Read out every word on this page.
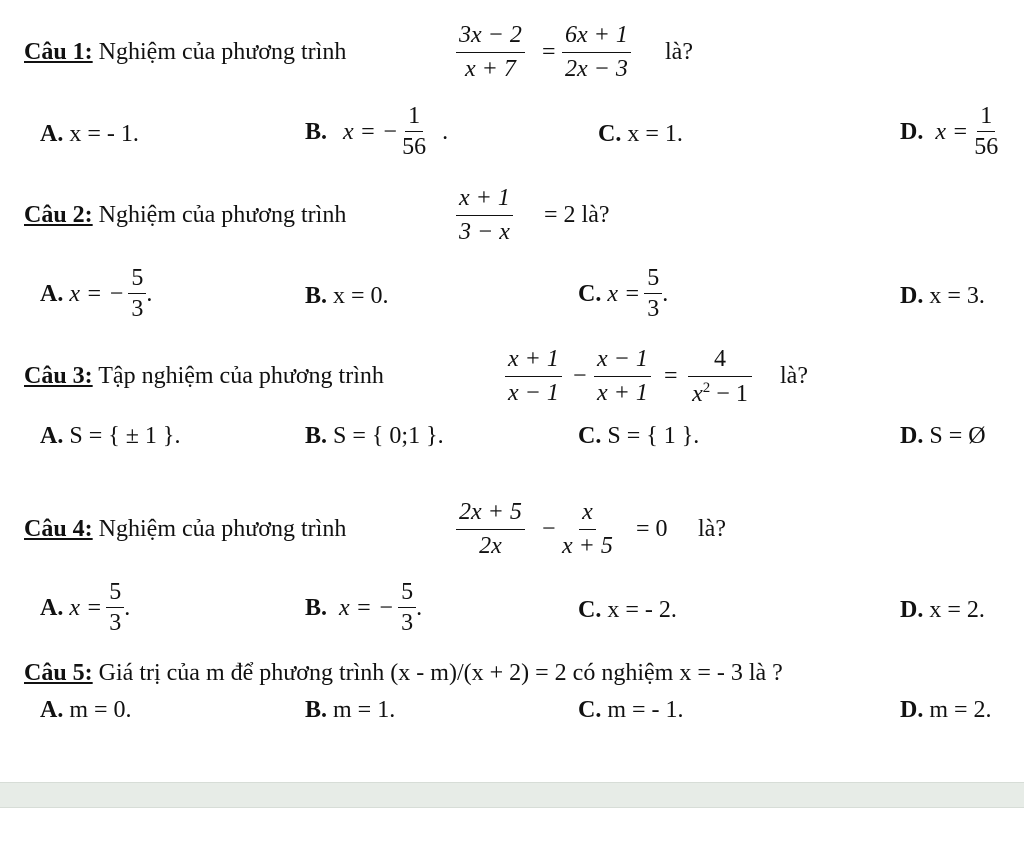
Câu 1: Nghiệm của phương trình	$\frac{3x - 2}{x + 7} = \frac{6x + 1}{2x - 3}$ là?
A. x = - 1.	B. x = − $\frac{1}{56}$ .	C. x = 1.	D. $x = \frac{1}{56}$
Câu 2: Nghiệm của phương trình	$\frac{x + 1}{3 - x} = 2$ là?
A. x = − $\frac{5}{3}$ .	B. x = 0.	C. $x = \frac{5}{3}$ .	D. x = 3.
Câu 3: Tập nghiệm của phương trình	$\frac{x + 1}{x - 1} - \frac{x - 1}{x + 1} = \frac{4}{x^2 - 1}$ là?
A. S = { ± 1 }.	B. S = { 0;1 }.	C. S = { 1 }.	D. S = Ø
Câu 4: Nghiệm của phương trình	$\frac{2x + 5}{2x} - \frac{x}{x + 5} = 0$ là?
A. $x = \frac{5}{3}$ .	B. x = − $\frac{5}{3}$ .	C. x = - 2.	D. x = 2.
Câu 5: Giá trị của m để phương trình (x - m)/(x + 2) = 2 có nghiệm x = - 3 là ?
A. m = 0.	B. m = 1.	C. m = - 1.	D. m = 2.
